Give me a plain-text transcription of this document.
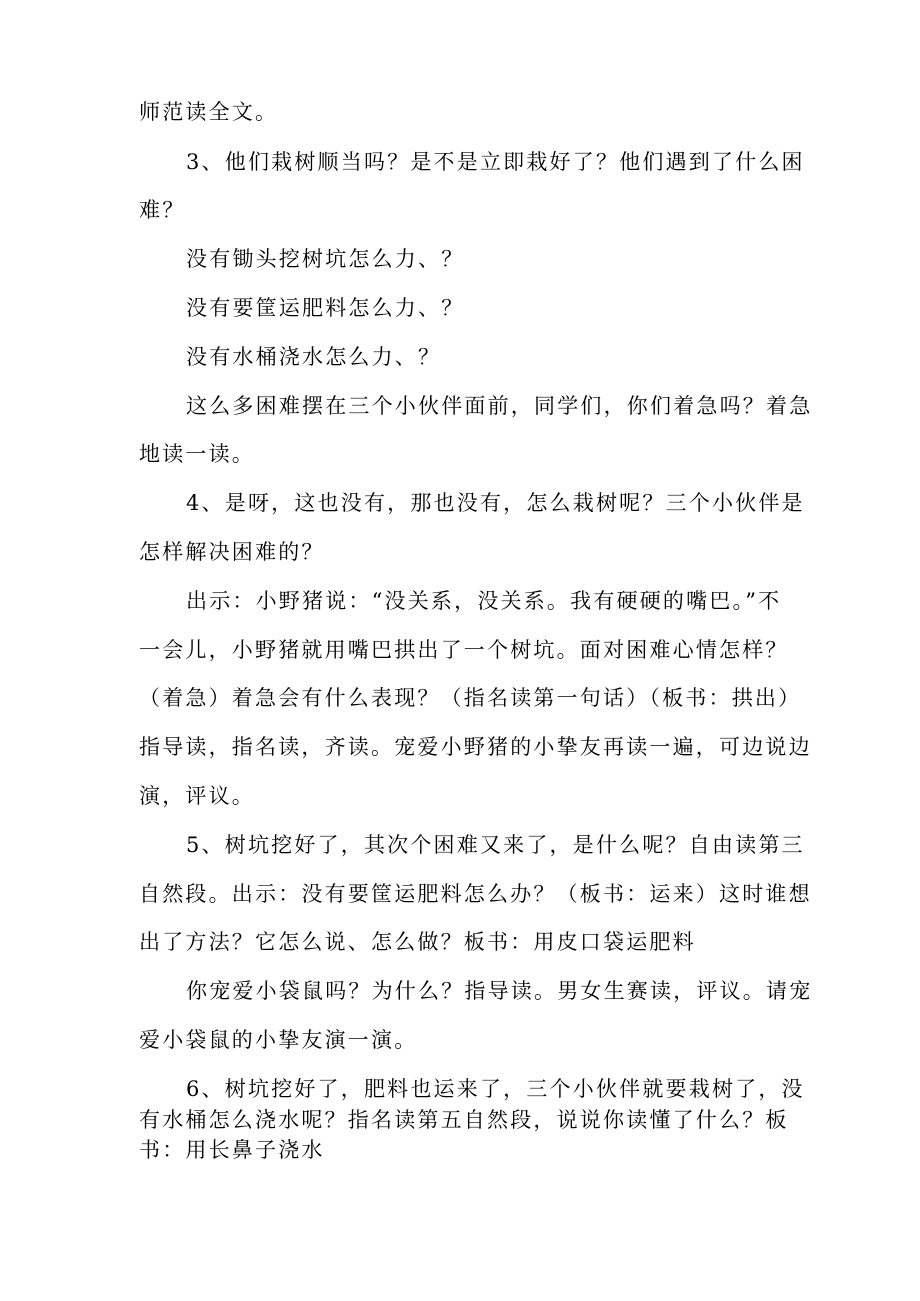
师范读全文。
3、他们栽树顺当吗？是不是立即栽好了？他们遇到了什么困
难？
没有锄头挖树坑怎么力、？
没有要筐运肥料怎么力、？
没有水桶浇水怎么力、？
这么多困难摆在三个小伙伴面前，同学们，你们着急吗？着急
地读一读。
4、是呀，这也没有，那也没有，怎么栽树呢？三个小伙伴是
怎样解决困难的？
出示：小野猪说：“没关系，没关系。我有硬硬的嘴巴。”不
一会儿，小野猪就用嘴巴拱出了一个树坑。面对困难心情怎样？
（着急）着急会有什么表现？（指名读第一句话）（板书：拱出）
指导读，指名读，齐读。宠爱小野猪的小挚友再读一遍，可边说边
演，评议。
5、树坑挖好了，其次个困难又来了，是什么呢？自由读第三
自然段。出示：没有要筐运肥料怎么办？（板书：运来）这时谁想
出了方法？它怎么说、怎么做？板书：用皮口袋运肥料
你宠爱小袋鼠吗？为什么？指导读。男女生赛读，评议。请宠
爱小袋鼠的小挚友演一演。
6、树坑挖好了，肥料也运来了，三个小伙伴就要栽树了，没
有水桶怎么浇水呢？指名读第五自然段，说说你读懂了什么？板
书：用长鼻子浇水
